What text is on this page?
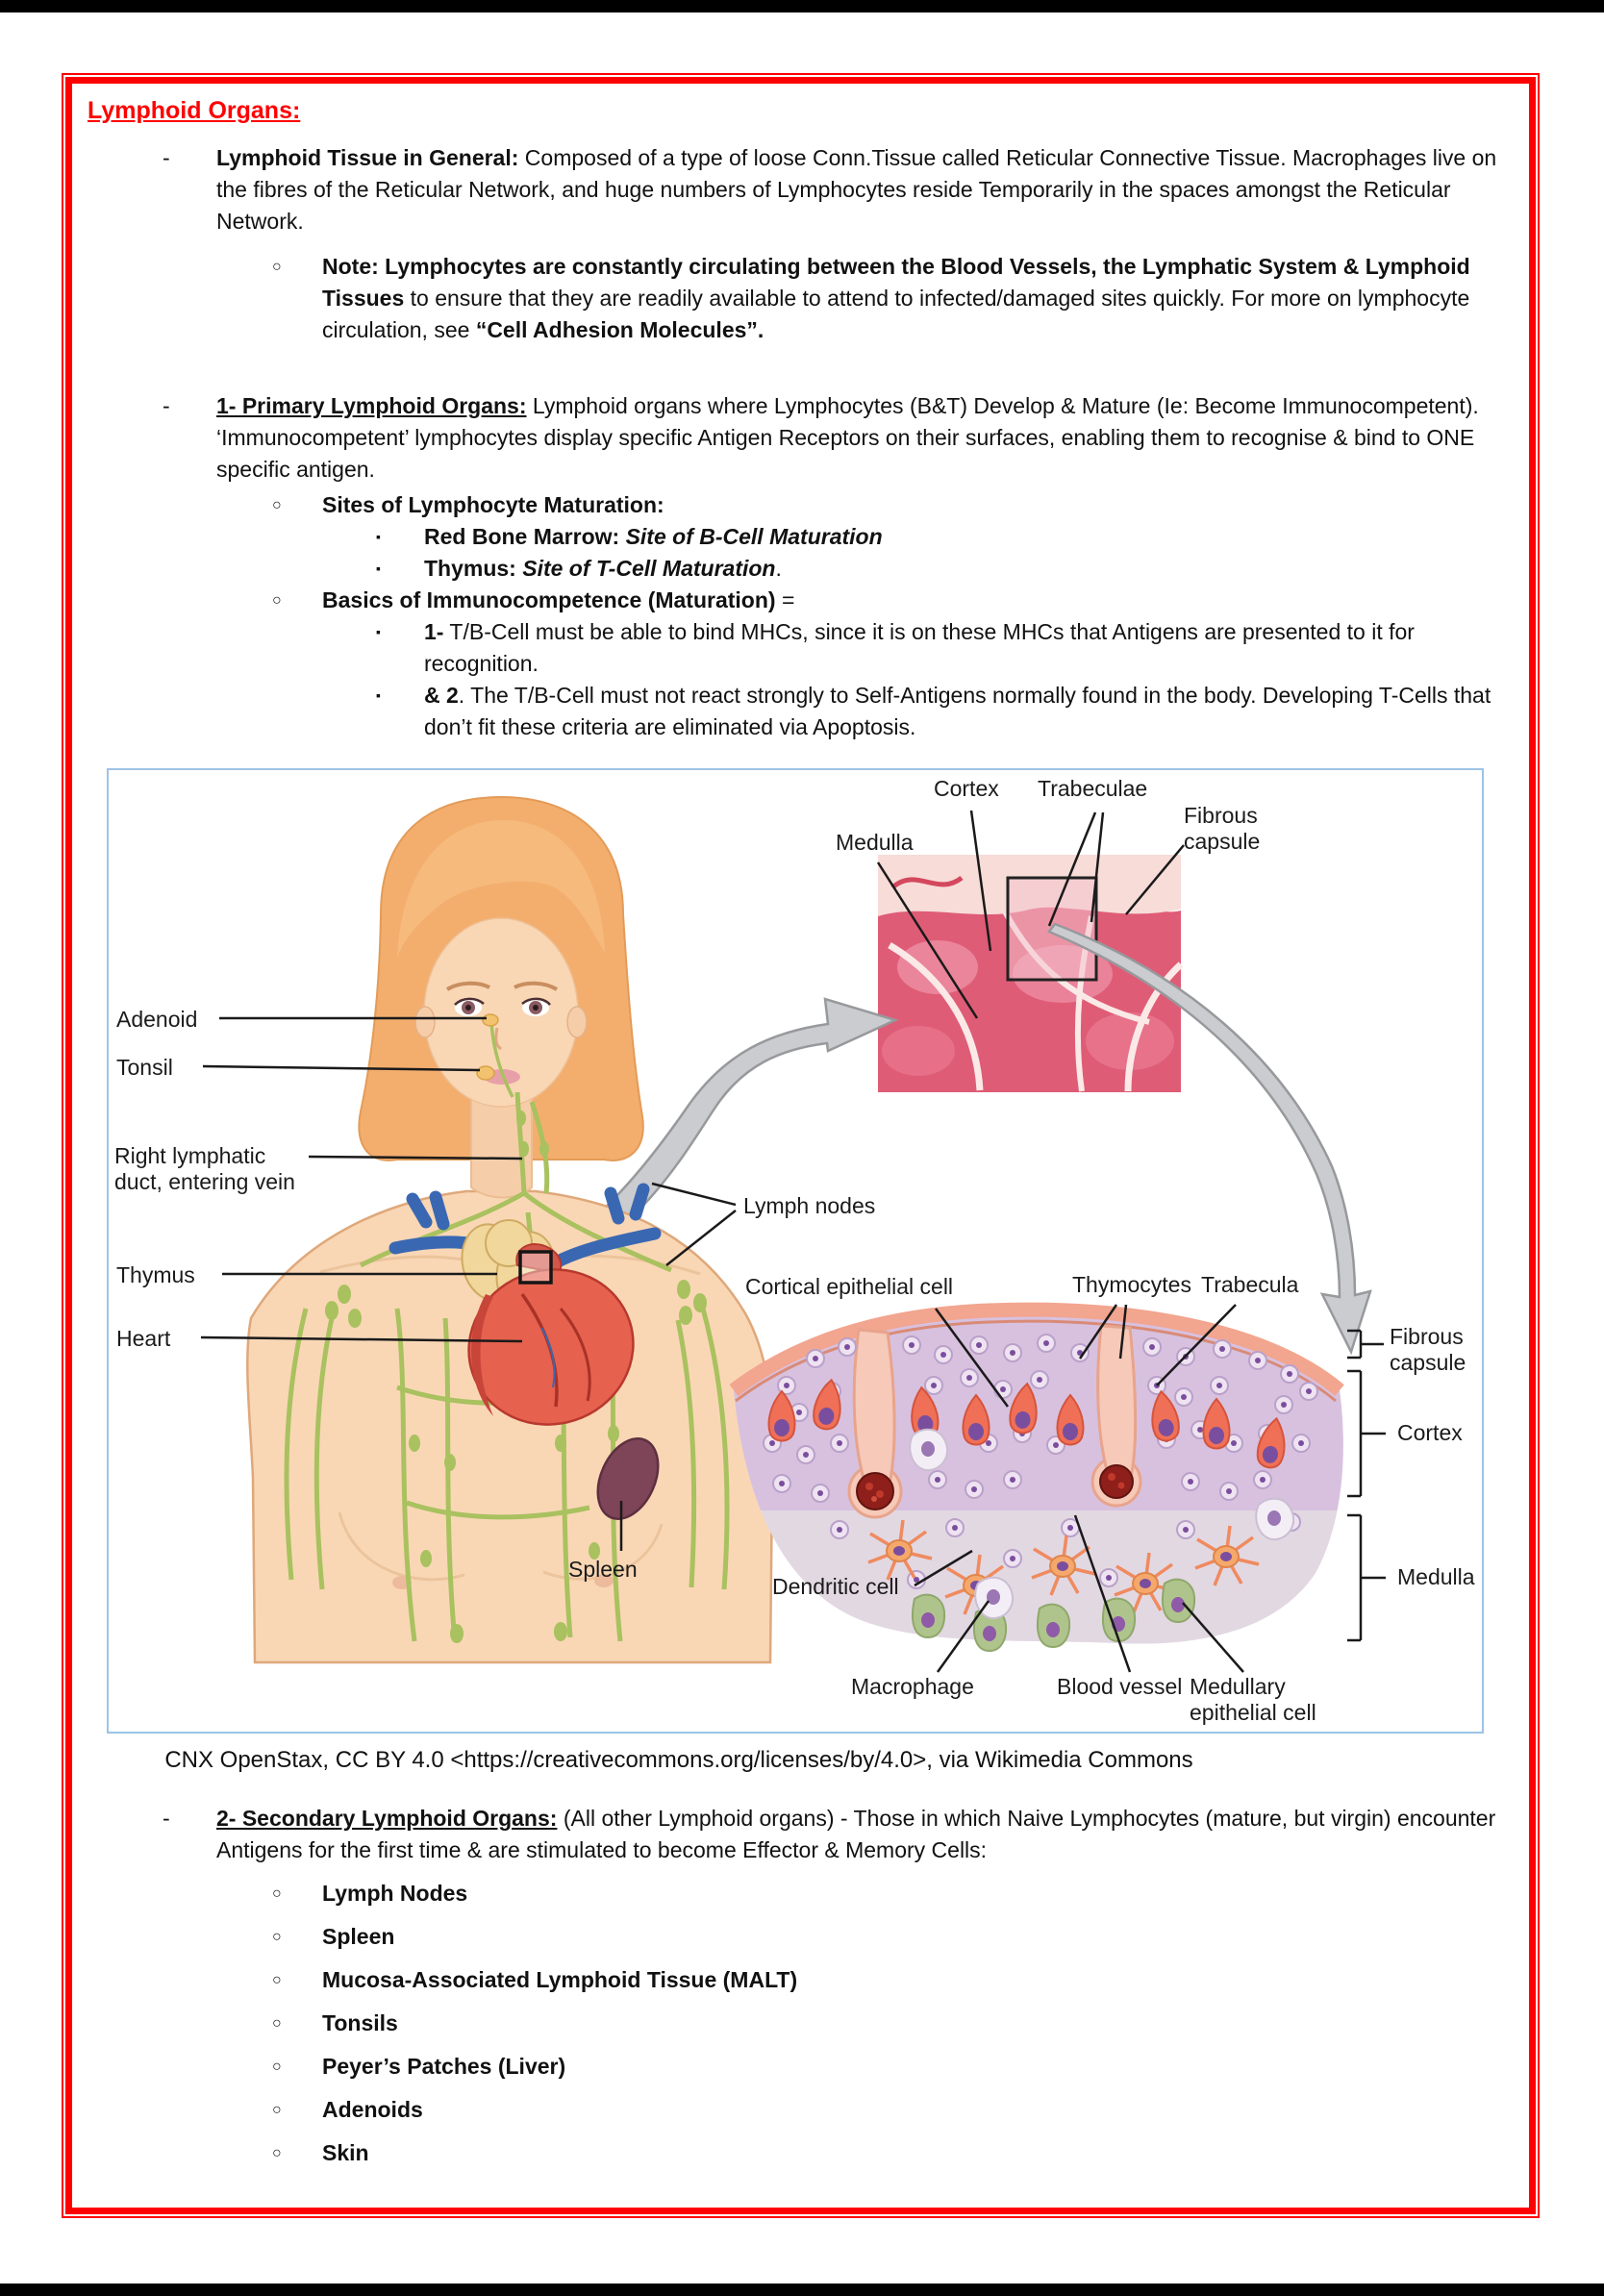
Lymphoid Organs:
-	Lymphoid Tissue in General: Composed of a type of loose Conn.Tissue called Reticular Connective Tissue. Macrophages live on the fibres of the Reticular Network, and huge numbers of Lymphocytes reside Temporarily in the spaces amongst the Reticular Network.
○	Note: Lymphocytes are constantly circulating between the Blood Vessels, the Lymphatic System & Lymphoid Tissues to ensure that they are readily available to attend to infected/damaged sites quickly. For more on lymphocyte circulation, see “Cell Adhesion Molecules”.
-	1- Primary Lymphoid Organs: Lymphoid organs where Lymphocytes (B&T) Develop & Mature (Ie: Become Immunocompetent). ‘Immunocompetent’ lymphocytes display specific Antigen Receptors on their surfaces, enabling them to recognise & bind to ONE specific antigen.
○	Sites of Lymphocyte Maturation:
▪	Red Bone Marrow: Site of B-Cell Maturation
▪	Thymus: Site of T-Cell Maturation.
○	Basics of Immunocompetence (Maturation) =
▪	1- T/B-Cell must be able to bind MHCs, since it is on these MHCs that Antigens are presented to it for recognition.
▪	& 2. The T/B-Cell must not react strongly to Self-Antigens normally found in the body. Developing T-Cells that don’t fit these criteria are eliminated via Apoptosis.
Medulla
Cortex Trabeculae
Fibrous capsule
Adenoid
Tonsil
Right lymphatic duct, entering vein
Thymus
Heart
Lymph nodes
Spleen
Cortical epithelial cell	Thymocytes Trabecula
Fibrous capsule
Cortex
Medulla
Dendritic cell
Macrophage	Blood vessel Medullary epithelial cell
CNX OpenStax, CC BY 4.0 <https://creativecommons.org/licenses/by/4.0>, via Wikimedia Commons
-	2- Secondary Lymphoid Organs: (All other Lymphoid organs) - Those in which Naive Lymphocytes (mature, but virgin) encounter Antigens for the first time & are stimulated to become Effector & Memory Cells:
○	Lymph Nodes
○	Spleen
○	Mucosa-Associated Lymphoid Tissue (MALT)
○	Tonsils
○	Peyer’s Patches (Liver)
○	Adenoids
○	Skin
